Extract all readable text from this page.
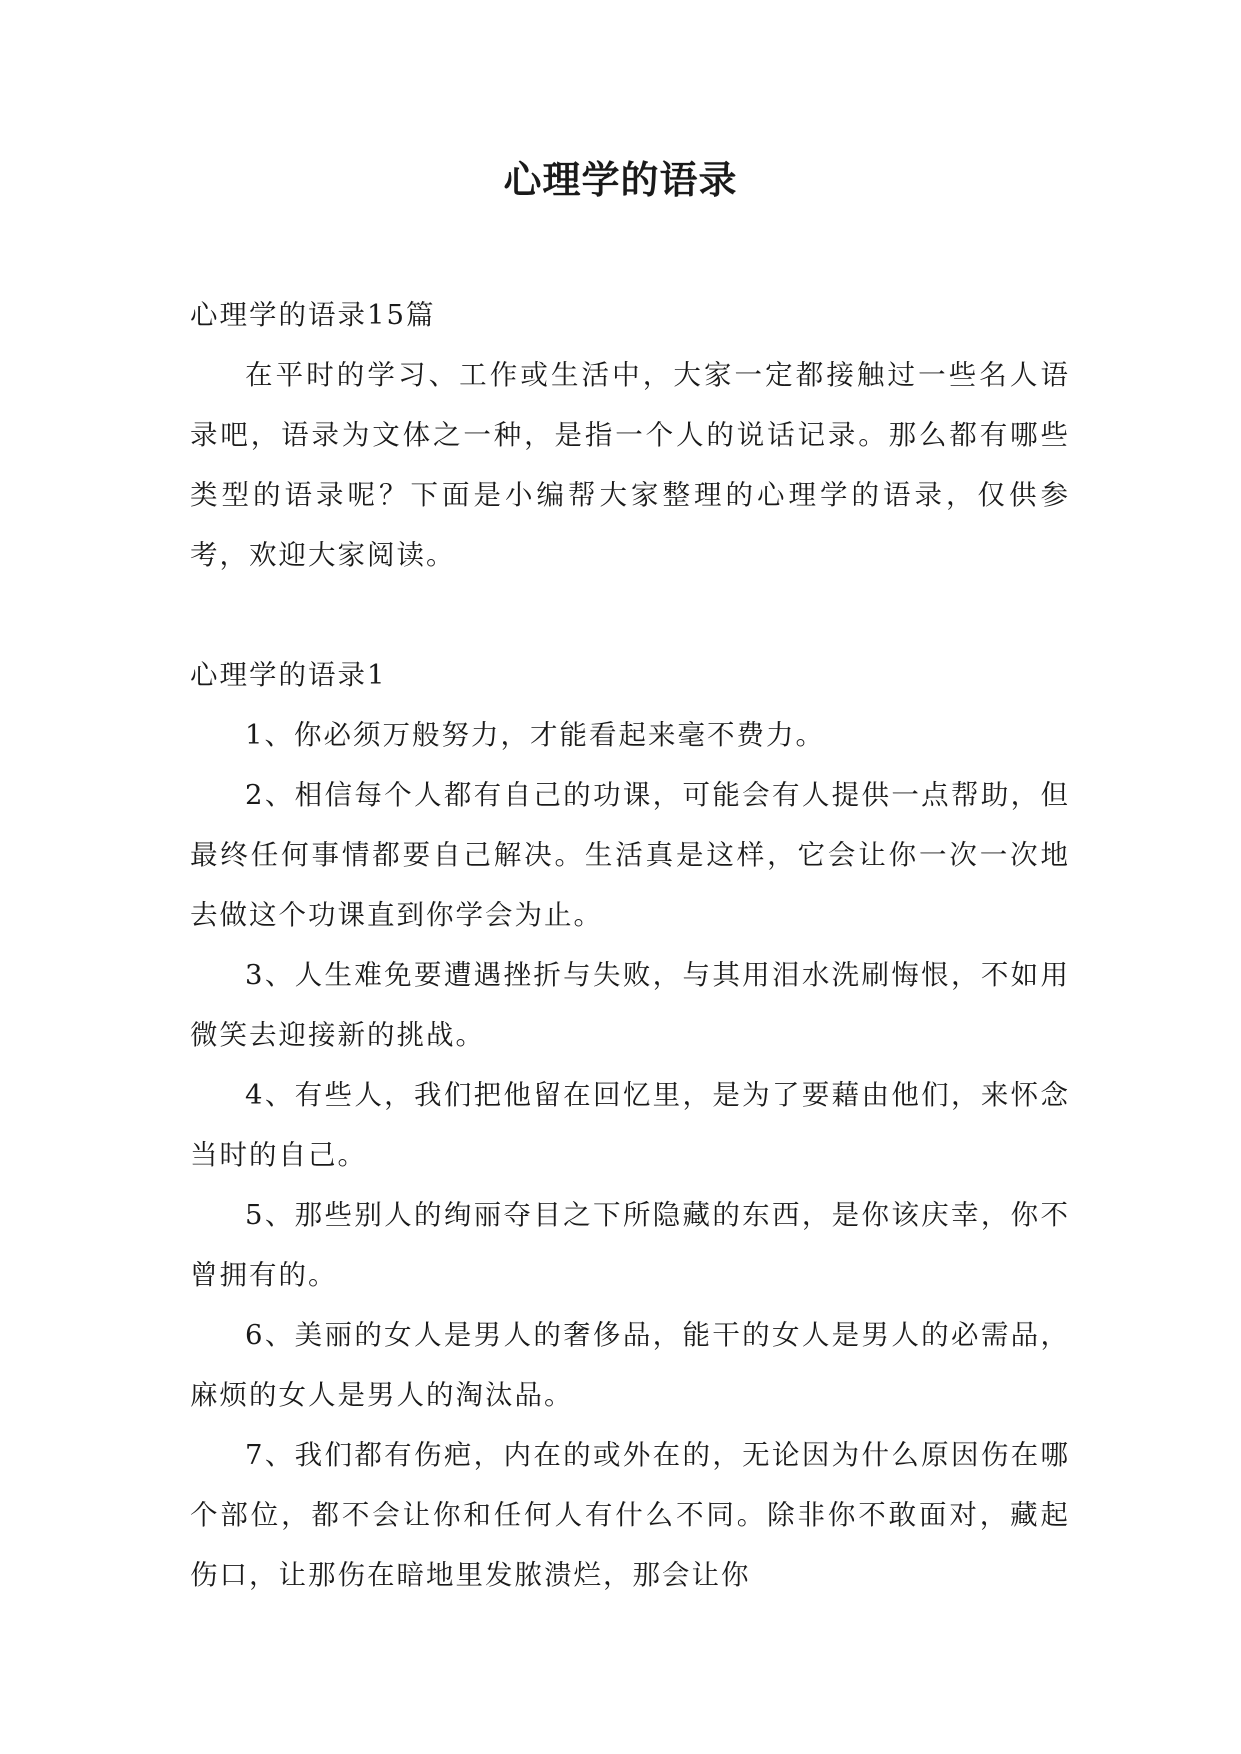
心理学的语录

心理学的语录15篇

在平时的学习、工作或生活中，大家一定都接触过一些名人语录吧，语录为文体之一种，是指一个人的说话记录。那么都有哪些类型的语录呢？下面是小编帮大家整理的心理学的语录，仅供参考，欢迎大家阅读。

心理学的语录1

1、你必须万般努力，才能看起来毫不费力。

2、相信每个人都有自己的功课，可能会有人提供一点帮助，但最终任何事情都要自己解决。生活真是这样，它会让你一次一次地去做这个功课直到你学会为止。

3、人生难免要遭遇挫折与失败，与其用泪水洗刷悔恨，不如用微笑去迎接新的挑战。

4、有些人，我们把他留在回忆里，是为了要藉由他们，来怀念当时的自己。

5、那些别人的绚丽夺目之下所隐藏的东西，是你该庆幸，你不曾拥有的。

6、美丽的女人是男人的奢侈品，能干的女人是男人的必需品，麻烦的女人是男人的淘汰品。

7、我们都有伤疤，内在的或外在的，无论因为什么原因伤在哪个部位，都不会让你和任何人有什么不同。除非你不敢面对，藏起伤口，让那伤在暗地里发脓溃烂，那会让你
